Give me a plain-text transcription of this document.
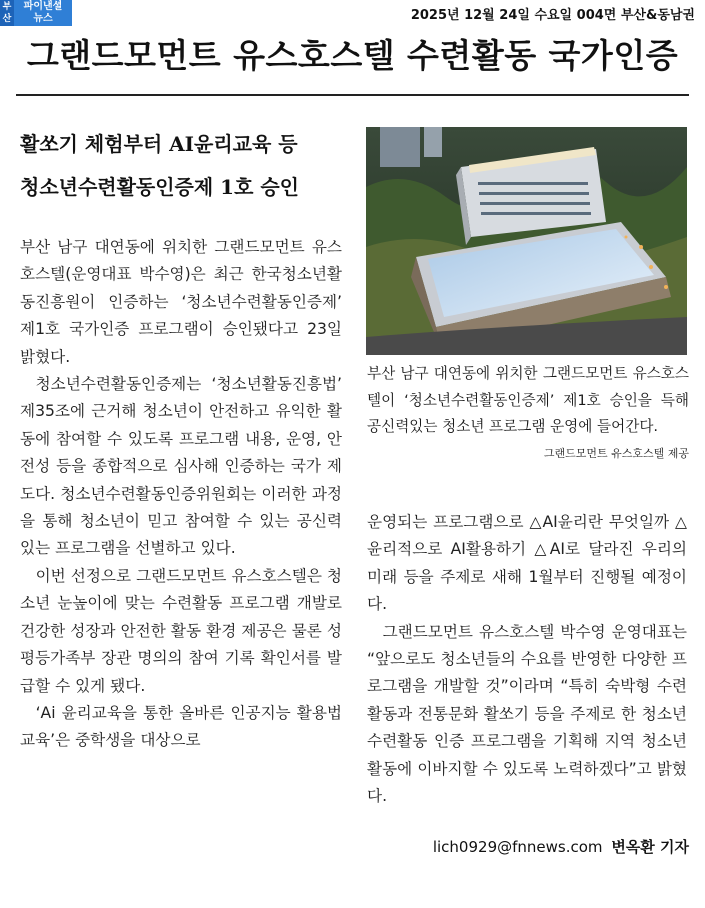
부
산
파이낸셜
뉴스	2025년 12월 24일 수요일 004면 부산&동남권
그랜드모먼트 유스호스텔 수련활동 국가인증
활쏘기 체험부터 AI윤리교육 등
청소년수련활동인증제 1호 승인

부산 남구 대연동에 위치한 그랜드모먼트 유스호스텔(운영대표 박수영)은 최근 한국청소년활동진흥원이 인증하는 ‘청소년수련활동인증제’ 제1호 국가인증 프로그램이 승인됐다고 23일 밝혔다.

청소년수련활동인증제는 ‘청소년활동진흥법’ 제35조에 근거해 청소년이 안전하고 유익한 활동에 참여할 수 있도록 프로그램 내용, 운영, 안전성 등을 종합적으로 심사해 인증하는 국가 제도다. 청소년수련활동인증위원회는 이러한 과정을 통해 청소년이 믿고 참여할 수 있는 공신력 있는 프로그램을 선별하고 있다.

이번 선정으로 그랜드모먼트 유스호스텔은 청소년 눈높이에 맞는 수련활동 프로그램 개발로 건강한 성장과 안전한 활동 환경 제공은 물론 성평등가족부 장관 명의의 참여 기록 확인서를 발급할 수 있게 됐다.

‘Ai 윤리교육을 통한 올바른 인공지능 활용법 교육’은 중학생을 대상으로

부산 남구 대연동에 위치한 그랜드모먼트 유스호스텔이 ‘청소년수련활동인증제’ 제1호 승인을 득해 공신력있는 청소년 프로그램 운영에 들어간다.
그랜드모먼트 유스호스텔 제공

운영되는 프로그램으로 △AI윤리란 무엇일까 △윤리적으로 AI활용하기 △AI로 달라진 우리의 미래 등을 주제로 새해 1월부터 진행될 예정이다.

그랜드모먼트 유스호스텔 박수영 운영대표는 “앞으로도 청소년들의 수요를 반영한 다양한 프로그램을 개발할 것”이라며 “특히 숙박형 수련활동과 전통문화 활쏘기 등을 주제로 한 청소년수련활동 인증 프로그램을 기획해 지역 청소년활동에 이바지할 수 있도록 노력하겠다”고 밝혔다.

lich0929@fnnews.com 변옥환 기자
